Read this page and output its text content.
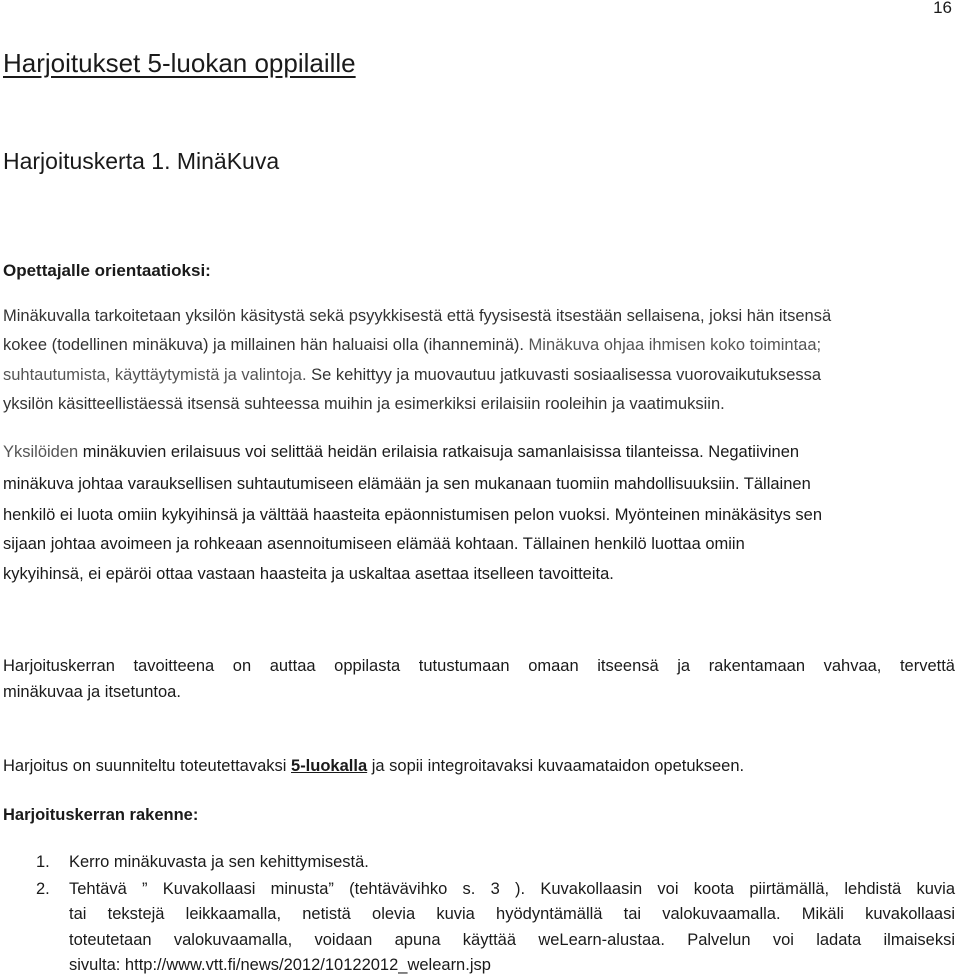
16
Harjoitukset 5-luokan oppilaille
Harjoituskerta 1. MinäKuva
Opettajalle orientaatioksi:
Minäkuvalla tarkoitetaan yksilön käsitystä sekä psyykkisestä että fyysisestä itsestään sellaisena, joksi hän itsensä
kokee (todellinen minäkuva) ja millainen hän haluaisi olla (ihanneminä). Minäkuva ohjaa ihmisen koko toimintaa;
suhtautumista, käyttäytymistä ja valintoja. Se kehittyy ja muovautuu jatkuvasti sosiaalisessa vuorovaikutuksessa
yksilön käsitteellistäessä itsensä suhteessa muihin ja esimerkiksi erilaisiin rooleihin ja vaatimuksiin.
Yksilöiden minäkuvien erilaisuus voi selittää heidän erilaisia ratkaisuja samanlaisissa tilanteissa. Negatiivinen
minäkuva johtaa varauksellisen suhtautumiseen elämään ja sen mukanaan tuomiin mahdollisuuksiin. Tällainen
henkilö ei luota omiin kykyihinsä ja välttää haasteita epäonnistumisen pelon vuoksi. Myönteinen minäkäsitys sen
sijaan johtaa avoimeen ja rohkeaan asennoitumiseen elämää kohtaan. Tällainen henkilö luottaa omiin
kykyihinsä, ei epäröi ottaa vastaan haasteita ja uskaltaa asettaa itselleen tavoitteita.
Harjoituskerran tavoitteena on auttaa oppilasta tutustumaan omaan itseensä ja rakentamaan vahvaa, tervettä
minäkuvaa ja itsetuntoa.
Harjoitus on suunniteltu toteutettavaksi 5-luokalla ja sopii integroitavaksi kuvaamataidon opetukseen.
Harjoituskerran rakenne:
1. Kerro minäkuvasta ja sen kehittymisestä.
2. Tehtävä ” Kuvakollaasi minusta” (tehtävävihko s. 3 ). Kuvakollaasin voi koota piirtämällä, lehdistä kuvia
tai tekstejä leikkaamalla, netistä olevia kuvia hyödyntämällä tai valokuvaamalla. Mikäli kuvakollaasi
toteutetaan valokuvaamalla, voidaan apuna käyttää weLearn-alustaa. Palvelun voi ladata ilmaiseksi
sivulta: http://www.vtt.fi/news/2012/10122012_welearn.jsp
